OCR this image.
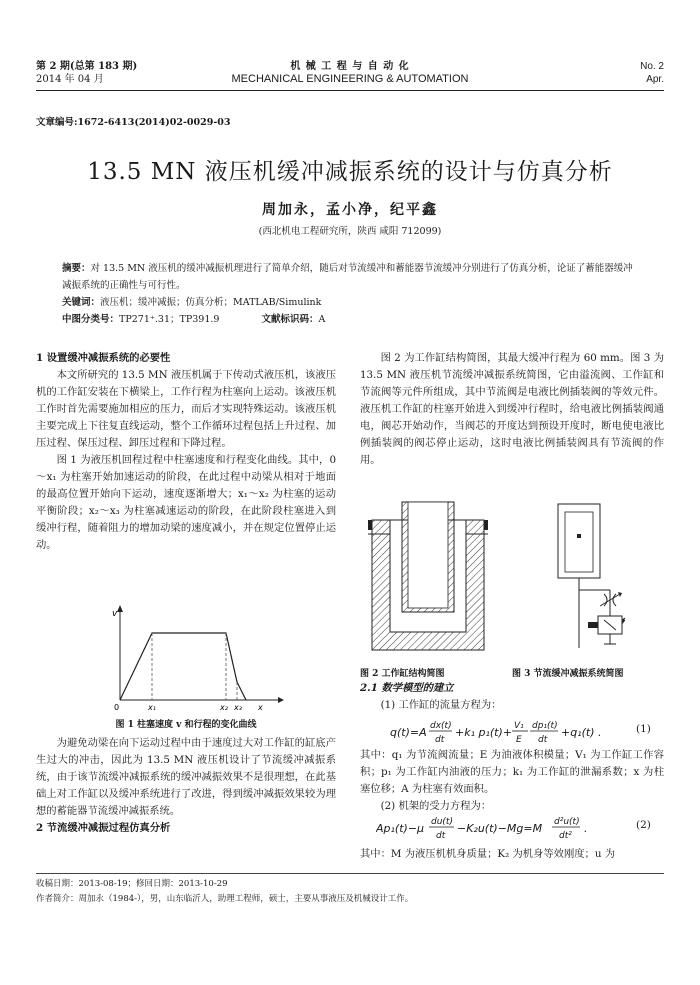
第 2 期(总第 183 期)
2014 年 04 月
机 械 工 程 与 自 动 化
MECHANICAL ENGINEERING & AUTOMATION
No. 2
Apr.
文章编号:1672-6413(2014)02-0029-03
13.5 MN 液压机缓冲减振系统的设计与仿真分析
周加永，孟小净，纪平鑫
(西北机电工程研究所，陕西 咸阳 712099)
摘要：对 13.5 MN 液压机的缓冲减振机理进行了简单介绍，随后对节流缓冲和蓄能器节流缓冲分别进行了仿真分析，论证了蓄能器缓冲减振系统的正确性与可行性。
关键词：液压机；缓冲减振；仿真分析；MATLAB/Simulink
中图分类号：TP271⁺.31；TP391.9	文献标识码：A

1 设置缓冲减振系统的必要性

本文所研究的 13.5 MN 液压机属于下传动式液压机，该液压机的工作缸安装在下横梁上，工作行程为柱塞向上运动。该液压机工作时首先需要施加相应的压力，而后才实现特殊运动。该液压机主要完成上下往复直线运动，整个工作循环过程包括上升过程、加压过程、保压过程、卸压过程和下降过程。

图 1 为液压机回程过程中柱塞速度和行程变化曲线。其中，0～x₁ 为柱塞开始加速运动的阶段，在此过程中动梁从相对于地面的最高位置开始向下运动，速度逐渐增大；x₁～x₂ 为柱塞的运动平衡阶段；x₂～x₃ 为柱塞减速运动的阶段，在此阶段柱塞进入到缓冲行程，随着阻力的增加动梁的速度减小，并在规定位置停止运动。

v
0	x₁	x₂ x₃ x
图 1 柱塞速度 v 和行程的变化曲线

为避免动梁在向下运动过程中由于速度过大对工作缸的缸底产生过大的冲击，因此为 13.5 MN 液压机设计了节流缓冲减振系统，由于该节流缓冲减振系统的缓冲减振效果不是很理想，在此基础上对工作缸以及缓冲系统进行了改进，得到缓冲减振效果较为理想的蓄能器节流缓冲减振系统。

2 节流缓冲减振过程仿真分析

图 2 为工作缸结构简图，其最大缓冲行程为 60 mm。图 3 为 13.5 MN 液压机节流缓冲减振系统简图，它由溢流阀、工作缸和节流阀等元件所组成，其中节流阀是电液比例插装阀的等效元件。液压机工作缸的柱塞开始进入到缓冲行程时，给电液比例插装阀通电，阀芯开始动作，当阀芯的开度达到预设开度时，断电使电液比例插装阀的阀芯停止运动，这时电液比例插装阀具有节流阀的作用。

图 2 工作缸结构简图	图 3 节流缓冲减振系统简图

2.1 数学模型的建立

(1) 工作缸的流量方程为：

q(t)=A dx(t)
dt
+k₁ p₁(t)+ V₁
E
dp₁(t)
dt
+q₁(t) .	(1)

其中：q₁ 为节流阀流量；E 为油液体积模量；V₁ 为工作缸工作容积；p₁ 为工作缸内油液的压力；k₁ 为工作缸的泄漏系数；x 为柱塞位移；A 为柱塞有效面积。

(2) 机架的受力方程为：

Ap₁(t)−μ du(t)
dt
−K₂u(t)−Mg=M d²u(t)
dt²
.	(2)

其中：M 为液压机机身质量；K₂ 为机身等效刚度；u 为

收稿日期：2013-08-19；修回日期：2013-10-29
作者简介：周加永（1984-），男，山东临沂人，助理工程师，硕士，主要从事液压及机械设计工作。
